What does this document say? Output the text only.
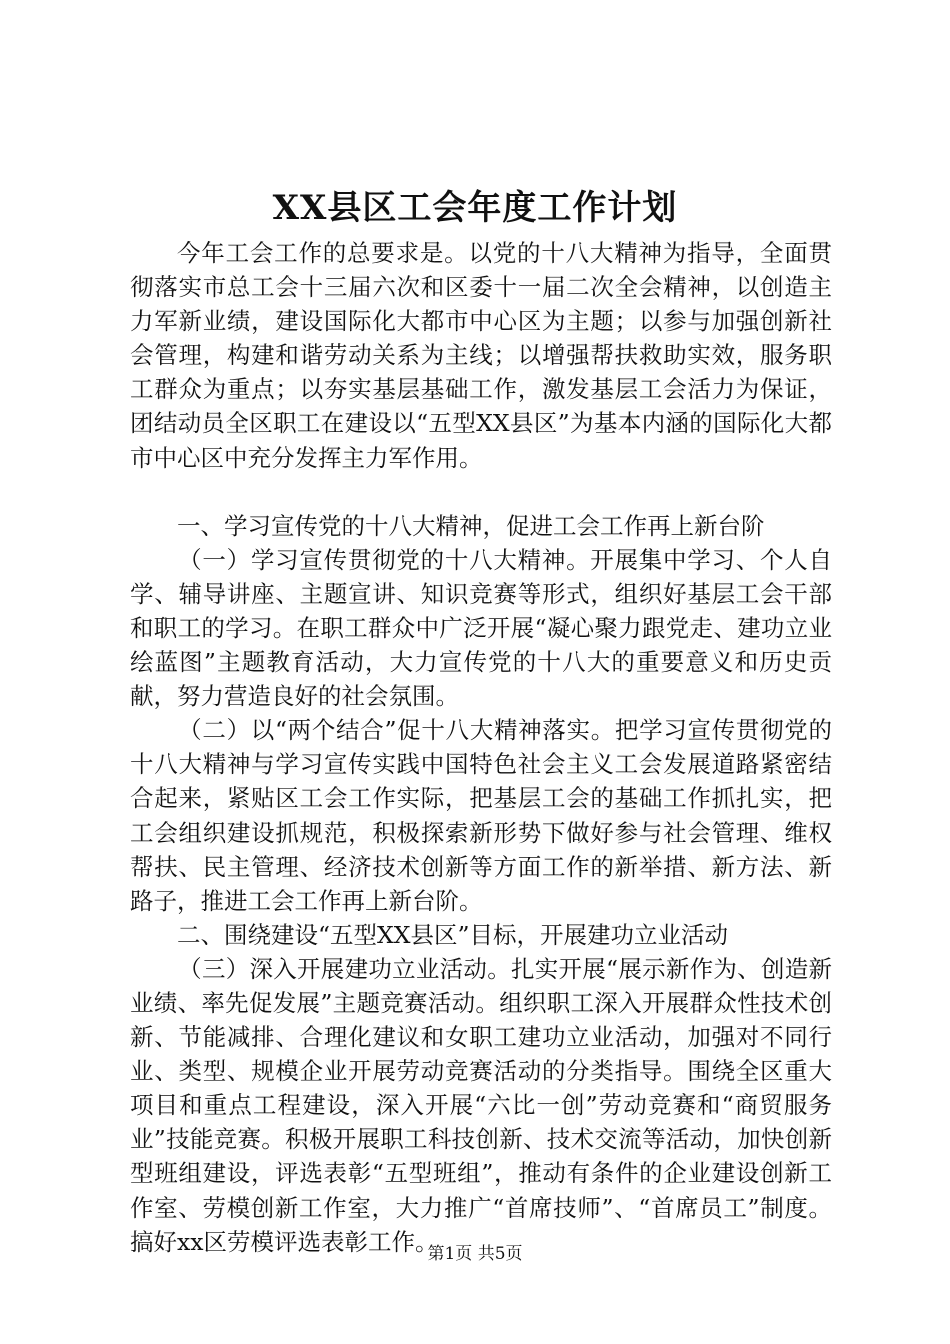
XX县区工会年度工作计划

今年工会工作的总要求是。以党的十八大精神为指导，全面贯彻落实市总工会十三届六次和区委十一届二次全会精神，以创造主力军新业绩，建设国际化大都市中心区为主题；以参与加强创新社会管理，构建和谐劳动关系为主线；以增强帮扶救助实效，服务职工群众为重点；以夯实基层基础工作，激发基层工会活力为保证，团结动员全区职工在建设以“五型XX县区”为基本内涵的国际化大都市中心区中充分发挥主力军作用。

一、学习宣传党的十八大精神，促进工会工作再上新台阶

（一）学习宣传贯彻党的十八大精神。开展集中学习、个人自学、辅导讲座、主题宣讲、知识竞赛等形式，组织好基层工会干部和职工的学习。在职工群众中广泛开展“凝心聚力跟党走、建功立业绘蓝图”主题教育活动，大力宣传党的十八大的重要意义和历史贡献，努力营造良好的社会氛围。

（二）以“两个结合”促十八大精神落实。把学习宣传贯彻党的十八大精神与学习宣传实践中国特色社会主义工会发展道路紧密结合起来，紧贴区工会工作实际，把基层工会的基础工作抓扎实，把工会组织建设抓规范，积极探索新形势下做好参与社会管理、维权帮扶、民主管理、经济技术创新等方面工作的新举措、新方法、新路子，推进工会工作再上新台阶。

二、围绕建设“五型XX县区”目标，开展建功立业活动

（三）深入开展建功立业活动。扎实开展“展示新作为、创造新业绩、率先促发展”主题竞赛活动。组织职工深入开展群众性技术创新、节能减排、合理化建议和女职工建功立业活动，加强对不同行业、类型、规模企业开展劳动竞赛活动的分类指导。围绕全区重大项目和重点工程建设，深入开展“六比一创”劳动竞赛和“商贸服务业”技能竞赛。积极开展职工科技创新、技术交流等活动，加快创新型班组建设，评选表彰“五型班组”，推动有条件的企业建设创新工作室、劳模创新工作室，大力推广“首席技师”、“首席员工”制度。搞好xx区劳模评选表彰工作。

第1页 共5页
